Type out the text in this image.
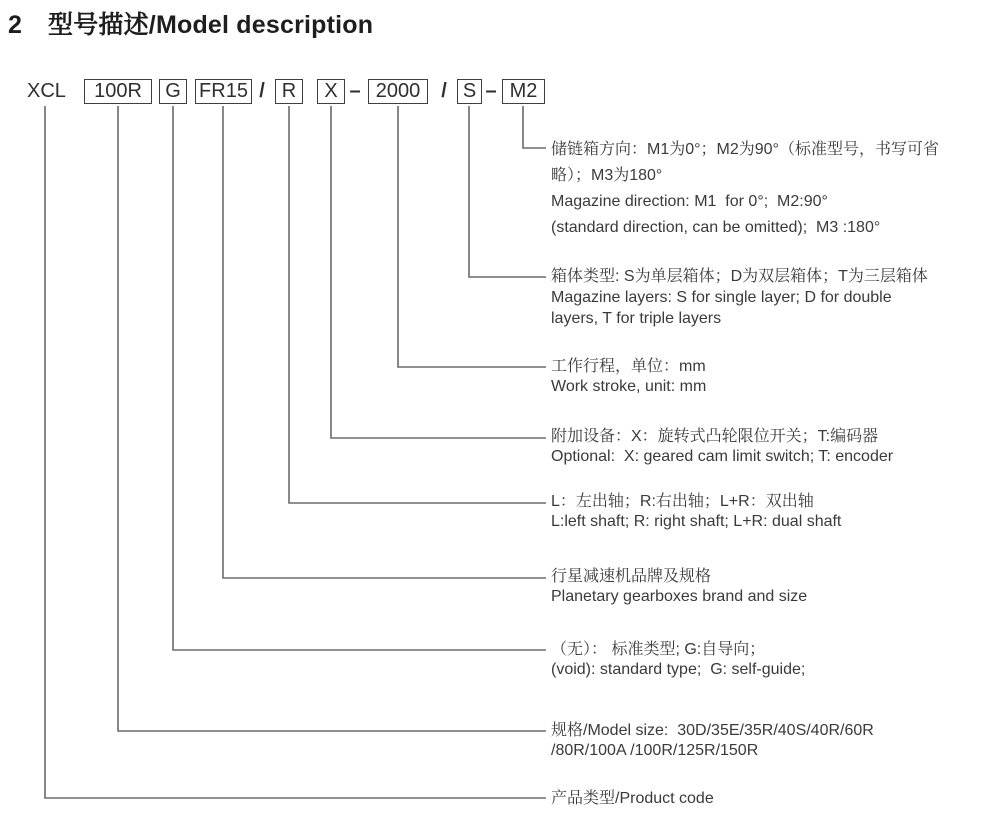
2	型号描述/Model description
XCL	100R	G FR15 / R	X – 2000	/ S – M2
储链箱方向：M1为0°；M2为90°（标准型号，书写可省
略）；M3为180°
Magazine direction: M1  for 0°;  M2:90°
(standard direction, can be omitted);  M3 :180°
箱体类型: S为单层箱体；D为双层箱体；T为三层箱体
Magazine layers: S for single layer; D for double
layers, T for triple layers
工作行程，单位：mm
Work stroke, unit: mm
附加设备：X：旋转式凸轮限位开关；T:编码器
Optional:  X: geared cam limit switch; T: encoder
L：左出轴；R:右出轴；L+R：双出轴
L:left shaft; R: right shaft; L+R: dual shaft
行星减速机品牌及规格
Planetary gearboxes brand and size
（无）： 标准类型; G:自导向；
(void): standard type;  G: self-guide;
规格/Model size:  30D/35E/35R/40S/40R/60R
/80R/100A /100R/125R/150R
产品类型/Product code
